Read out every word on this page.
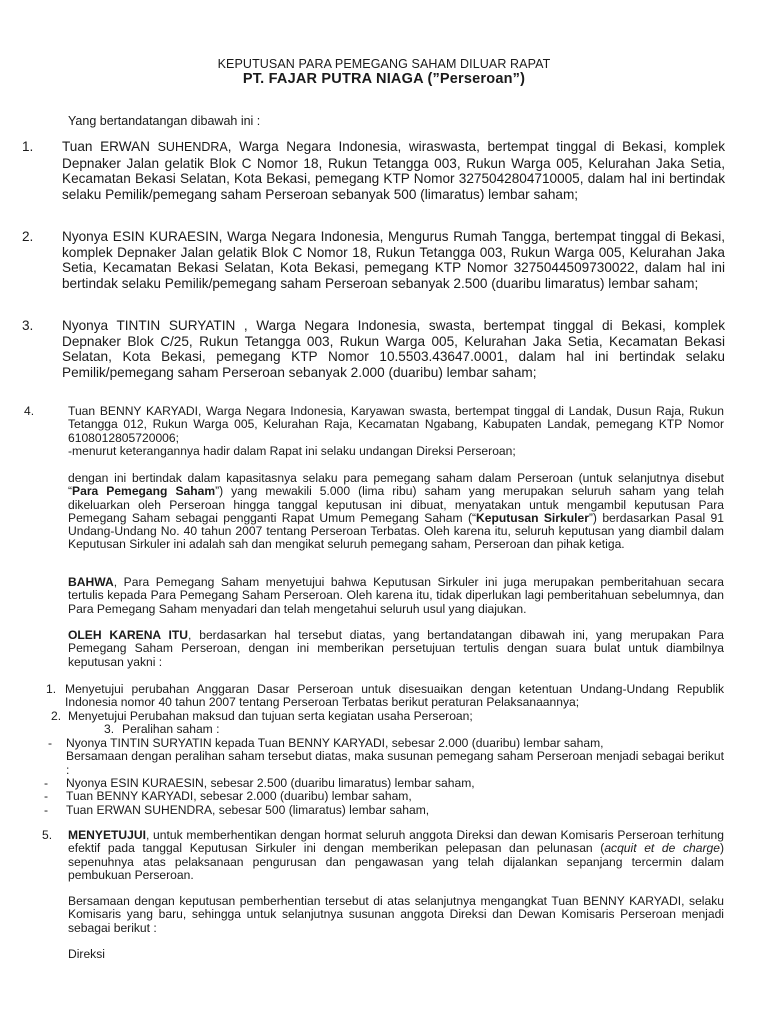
KEPUTUSAN PARA PEMEGANG SAHAM DILUAR RAPAT
PT. FAJAR PUTRA NIAGA (”Perseroan”)
Yang bertandatangan dibawah ini :
1. Tuan ERWAN SUHENDRA, Warga Negara Indonesia, wiraswasta, bertempat tinggal di Bekasi, komplek Depnaker Jalan gelatik Blok C Nomor 18, Rukun Tetangga 003, Rukun Warga 005, Kelurahan Jaka Setia, Kecamatan Bekasi Selatan, Kota Bekasi, pemegang KTP Nomor 3275042804710005, dalam hal ini bertindak selaku Pemilik/pemegang saham Perseroan sebanyak 500 (limaratus) lembar saham;
2. Nyonya ESIN KURAESIN, Warga Negara Indonesia, Mengurus Rumah Tangga, bertempat tinggal di Bekasi, komplek Depnaker Jalan gelatik Blok C Nomor 18, Rukun Tetangga 003, Rukun Warga 005, Kelurahan Jaka Setia, Kecamatan Bekasi Selatan, Kota Bekasi, pemegang KTP Nomor 3275044509730022, dalam hal ini bertindak selaku Pemilik/pemegang saham Perseroan sebanyak 2.500 (duaribu limaratus) lembar saham;
3. Nyonya TINTIN SURYATIN , Warga Negara Indonesia, swasta, bertempat tinggal di Bekasi, komplek Depnaker Blok C/25, Rukun Tetangga 003, Rukun Warga 005, Kelurahan Jaka Setia, Kecamatan Bekasi Selatan, Kota Bekasi, pemegang KTP Nomor 10.5503.43647.0001, dalam hal ini bertindak selaku Pemilik/pemegang saham Perseroan sebanyak 2.000 (duaribu) lembar saham;
4.	Tuan BENNY KARYADI, Warga Negara Indonesia, Karyawan swasta, bertempat tinggal di Landak, Dusun Raja, Rukun Tetangga 012, Rukun Warga 005, Kelurahan Raja, Kecamatan Ngabang, Kabupaten Landak, pemegang KTP Nomor 6108012805720006;
-menurut keterangannya hadir dalam Rapat ini selaku undangan Direksi Perseroan;
dengan ini bertindak dalam kapasitasnya selaku para pemegang saham dalam Perseroan (untuk selanjutnya disebut “Para Pemegang Saham”) yang mewakili 5.000 (lima ribu) saham yang merupakan seluruh saham yang telah dikeluarkan oleh Perseroan hingga tanggal keputusan ini dibuat, menyatakan untuk mengambil keputusan Para Pemegang Saham sebagai pengganti Rapat Umum Pemegang Saham (“Keputusan Sirkuler”) berdasarkan Pasal 91 Undang-Undang No. 40 tahun 2007 tentang Perseroan Terbatas. Oleh karena itu, seluruh keputusan yang diambil dalam Keputusan Sirkuler ini adalah sah dan mengikat seluruh pemegang saham, Perseroan dan pihak ketiga.
BAHWA, Para Pemegang Saham menyetujui bahwa Keputusan Sirkuler ini juga merupakan pemberitahuan secara tertulis kepada Para Pemegang Saham Perseroan. Oleh karena itu, tidak diperlukan lagi pemberitahuan sebelumnya, dan Para Pemegang Saham menyadari dan telah mengetahui seluruh usul yang diajukan.
OLEH KARENA ITU, berdasarkan hal tersebut diatas, yang bertandatangan dibawah ini, yang merupakan Para Pemegang Saham Perseroan, dengan ini memberikan persetujuan tertulis dengan suara bulat untuk diambilnya keputusan yakni :
1. Menyetujui perubahan Anggaran Dasar Perseroan untuk disesuaikan dengan ketentuan Undang-Undang Republik Indonesia nomor 40 tahun 2007 tentang Perseroan Terbatas berikut peraturan Pelaksanaannya;
2. Menyetujui Perubahan maksud dan tujuan serta kegiatan usaha Perseroan;
3. Peralihan saham :
- Nyonya TINTIN SURYATIN kepada Tuan BENNY KARYADI, sebesar 2.000 (duaribu) lembar saham,
Bersamaan dengan peralihan saham tersebut diatas, maka susunan pemegang saham Perseroan menjadi sebagai berikut :
- Nyonya ESIN KURAESIN, sebesar 2.500 (duaribu limaratus) lembar saham,
- Tuan BENNY KARYADI, sebesar 2.000 (duaribu) lembar saham,
- Tuan ERWAN SUHENDRA, sebesar 500 (limaratus) lembar saham,
5. MENYETUJUI, untuk memberhentikan dengan hormat seluruh anggota Direksi dan dewan Komisaris Perseroan terhitung efektif pada tanggal Keputusan Sirkuler ini dengan memberikan pelepasan dan pelunasan (acquit et de charge) sepenuhnya atas pelaksanaan pengurusan dan pengawasan yang telah dijalankan sepanjang tercermin dalam pembukuan Perseroan.
Bersamaan dengan keputusan pemberhentian tersebut di atas selanjutnya mengangkat Tuan BENNY KARYADI, selaku Komisaris yang baru, sehingga untuk selanjutnya susunan anggota Direksi dan Dewan Komisaris Perseroan menjadi sebagai berikut :
Direksi
